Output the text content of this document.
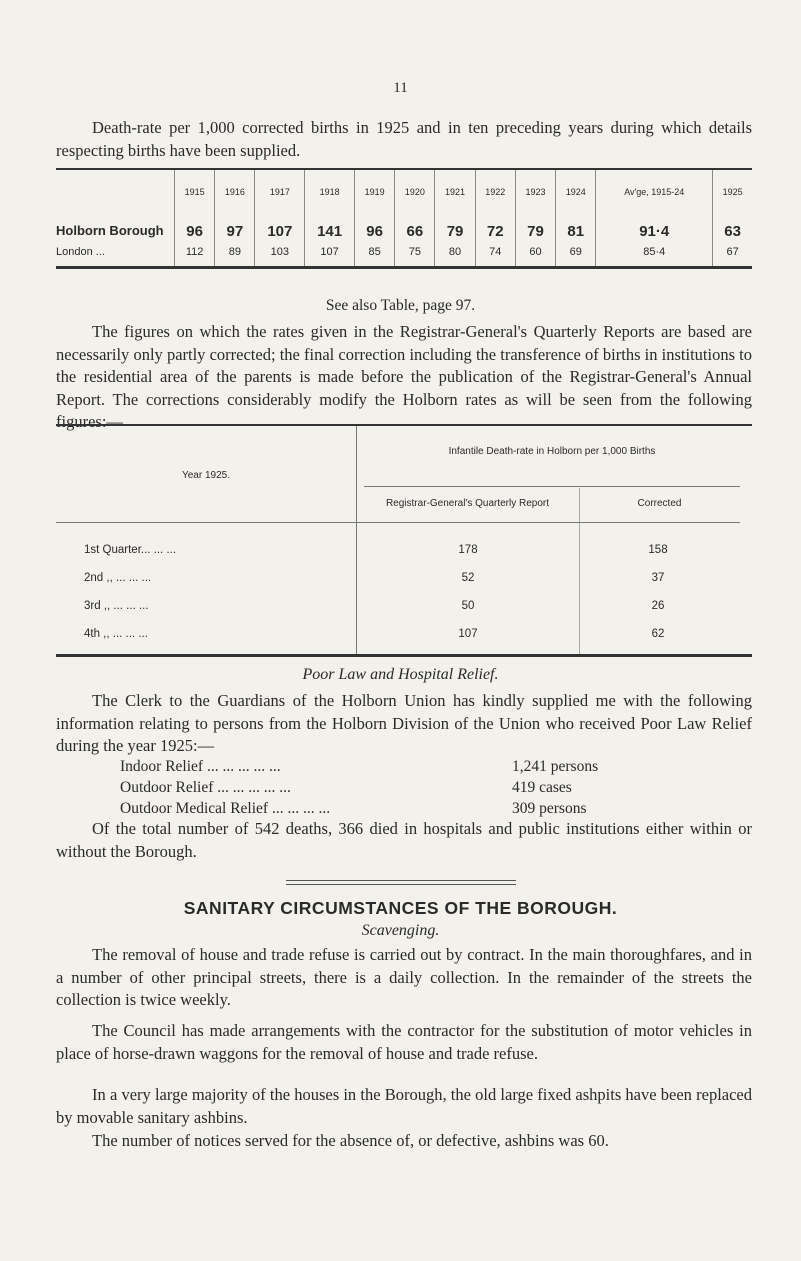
11

Death-rate per 1,000 corrected births in 1925 and in ten preceding years during which details respecting births have been supplied.

	1915	1916	1917	1918	1919	1920	1921	1922	1923	1924	Av'ge, 1915-24	1925
Holborn Borough	96	97	107	141	96	66	79	72	79	81	91·4	63
London ...	112	89	103	107	85	75	80	74	60	69	85·4	67
See also Table, page 97.

The figures on which the rates given in the Registrar-General's Quarterly Reports are based are necessarily only partly corrected; the final correction including the transference of births in institutions to the residential area of the parents is made before the publication of the Registrar-General's Annual Report. The corrections considerably modify the Holborn rates as will be seen from the following figures:—

Year 1925.
Infantile Death-rate in Holborn per 1,000 Births
Registrar-General's Quarterly Report	Corrected
1st Quarter... ... ...	178	158
2nd ,, ... ... ...	52	37
3rd ,, ... ... ...	50	26
4th ,, ... ... ...	107	62
Poor Law and Hospital Relief.

The Clerk to the Guardians of the Holborn Union has kindly supplied me with the following information relating to persons from the Holborn Division of the Union who received Poor Law Relief during the year 1925:—

Indoor Relief ... ... ... ... ...	1,241 persons
Outdoor Relief ... ... ... ... ...	419 cases
Outdoor Medical Relief ... ... ... ...	309 persons

Of the total number of 542 deaths, 366 died in hospitals and public institutions either within or without the Borough.

SANITARY CIRCUMSTANCES OF THE BOROUGH.
Scavenging.

The removal of house and trade refuse is carried out by contract. In the main thoroughfares, and in a number of other principal streets, there is a daily collection. In the remainder of the streets the collection is twice weekly.

The Council has made arrangements with the contractor for the substitution of motor vehicles in place of horse-drawn waggons for the removal of house and trade refuse.

In a very large majority of the houses in the Borough, the old large fixed ashpits have been replaced by movable sanitary ashbins.

The number of notices served for the absence of, or defective, ashbins was 60.
